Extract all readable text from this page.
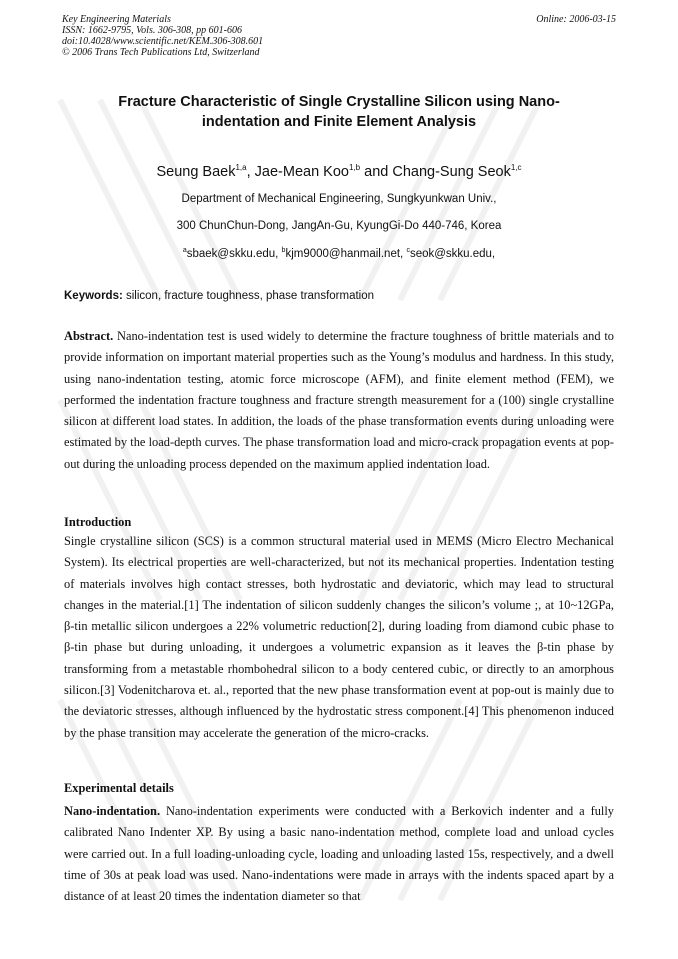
Key Engineering Materials
ISSN: 1662-9795, Vols. 306-308, pp 601-606
doi:10.4028/www.scientific.net/KEM.306-308.601
© 2006 Trans Tech Publications Ltd, Switzerland
Online: 2006-03-15
Fracture Characteristic of Single Crystalline Silicon using Nano-indentation and Finite Element Analysis
Seung Baek$^{1,a}$, Jae-Mean Koo$^{1,b}$ and Chang-Sung Seok$^{1,c}$
Department of Mechanical Engineering, Sungkyunkwan Univ.,
300 ChunChun-Dong, JangAn-Gu, KyungGi-Do 440-746, Korea
$^a$sbaek@skku.edu, $^b$kjm9000@hanmail.net, $^c$seok@skku.edu,
Keywords: silicon, fracture toughness, phase transformation

Abstract. Nano-indentation test is used widely to determine the fracture toughness of brittle materials and to provide information on important material properties such as the Young’s modulus and hardness. In this study, using nano-indentation testing, atomic force microscope (AFM), and finite element method (FEM), we performed the indentation fracture toughness and fracture strength measurement for a (100) single crystalline silicon at different load states. In addition, the loads of the phase transformation events during unloading were estimated by the load-depth curves. The phase transformation load and micro-crack propagation events at pop-out during the unloading process depended on the maximum applied indentation load.

Introduction

Single crystalline silicon (SCS) is a common structural material used in MEMS (Micro Electro Mechanical System). Its electrical properties are well-characterized, but not its mechanical properties. Indentation testing of materials involves high contact stresses, both hydrostatic and deviatoric, which may lead to structural changes in the material.[1] The indentation of silicon suddenly changes the silicon’s volume ;, at 10~12GPa, β-tin metallic silicon undergoes a 22% volumetric reduction[2], during loading from diamond cubic phase to β-tin phase but during unloading, it undergoes a volumetric expansion as it leaves the β-tin phase by transforming from a metastable rhombohedral silicon to a body centered cubic, or directly to an amorphous silicon.[3] Vodenitcharova et. al., reported that the new phase transformation event at pop-out is mainly due to the deviatoric stresses, although influenced by the hydrostatic stress component.[4] This phenomenon induced by the phase transition may accelerate the generation of the micro-cracks.

Experimental details

Nano-indentation. Nano-indentation experiments were conducted with a Berkovich indenter and a fully calibrated Nano Indenter XP. By using a basic nano-indentation method, complete load and unload cycles were carried out. In a full loading-unloading cycle, loading and unloading lasted 15s, respectively, and a dwell time of 30s at peak load was used. Nano-indentations were made in arrays with the indents spaced apart by a distance of at least 20 times the indentation diameter so that
